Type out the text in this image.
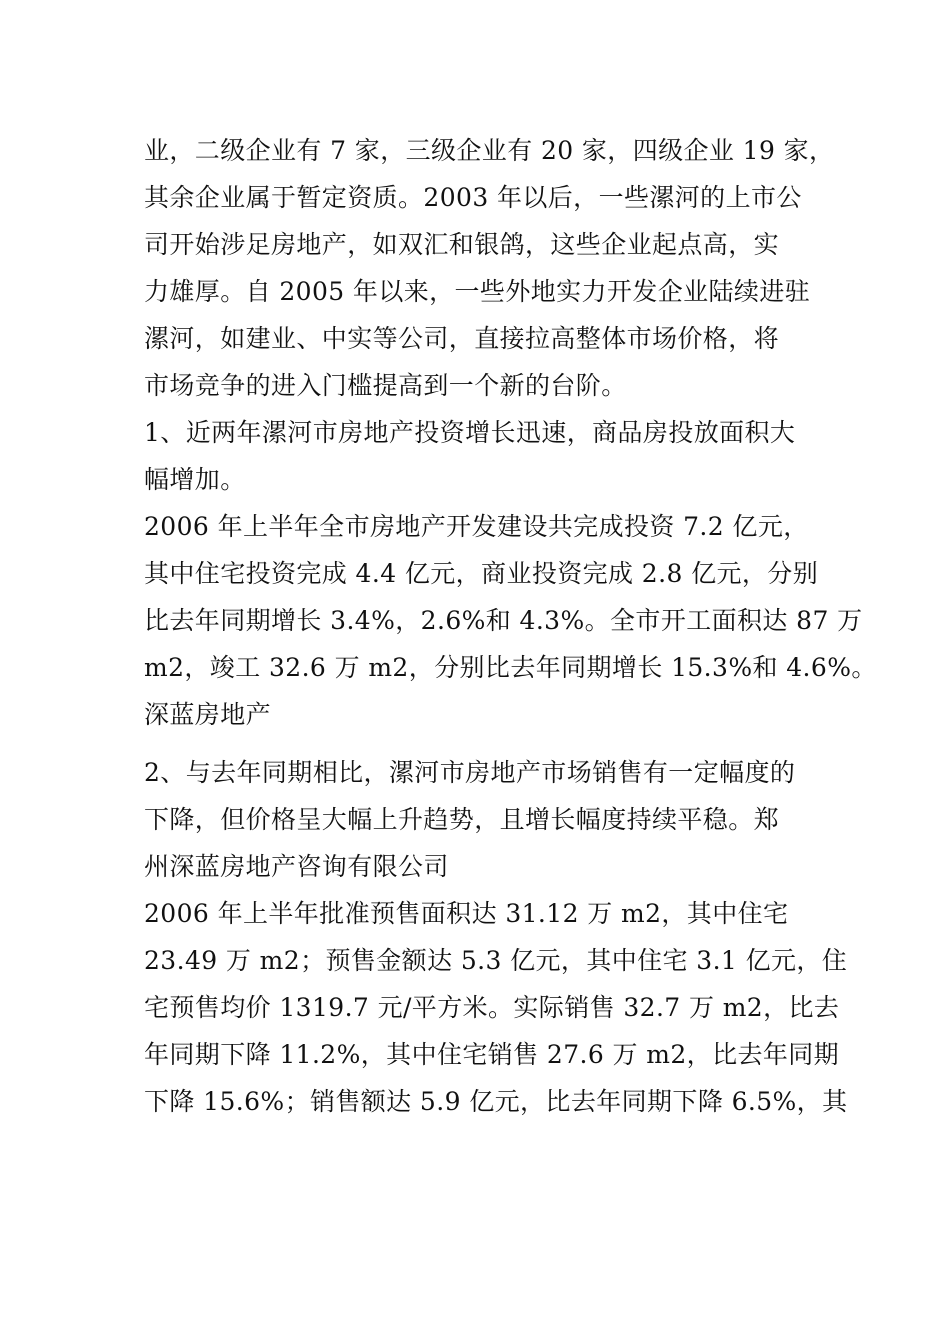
业，二级企业有 7 家，三级企业有 20 家，四级企业 19 家，
其余企业属于暂定资质。2003 年以后，一些漯河的上市公
司开始涉足房地产，如双汇和银鸽，这些企业起点高，实
力雄厚。自 2005 年以来，一些外地实力开发企业陆续进驻
漯河，如建业、中实等公司，直接拉高整体市场价格，将
市场竞争的进入门槛提高到一个新的台阶。
1、近两年漯河市房地产投资增长迅速，商品房投放面积大
幅增加。
2006 年上半年全市房地产开发建设共完成投资 7.2 亿元，
其中住宅投资完成 4.4 亿元，商业投资完成 2.8 亿元，分别
比去年同期增长 3.4%，2.6%和 4.3%。全市开工面积达 87 万
m2，竣工 32.6 万 m2，分别比去年同期增长 15.3%和 4.6%。
深蓝房地产
2、与去年同期相比，漯河市房地产市场销售有一定幅度的
下降，但价格呈大幅上升趋势，且增长幅度持续平稳。郑
州深蓝房地产咨询有限公司
2006 年上半年批准预售面积达 31.12 万 m2，其中住宅
23.49 万 m2；预售金额达 5.3 亿元，其中住宅 3.1 亿元，住
宅预售均价 1319.7 元/平方米。实际销售 32.7 万 m2，比去
年同期下降 11.2%，其中住宅销售 27.6 万 m2，比去年同期
下降 15.6%；销售额达 5.9 亿元，比去年同期下降 6.5%，其
